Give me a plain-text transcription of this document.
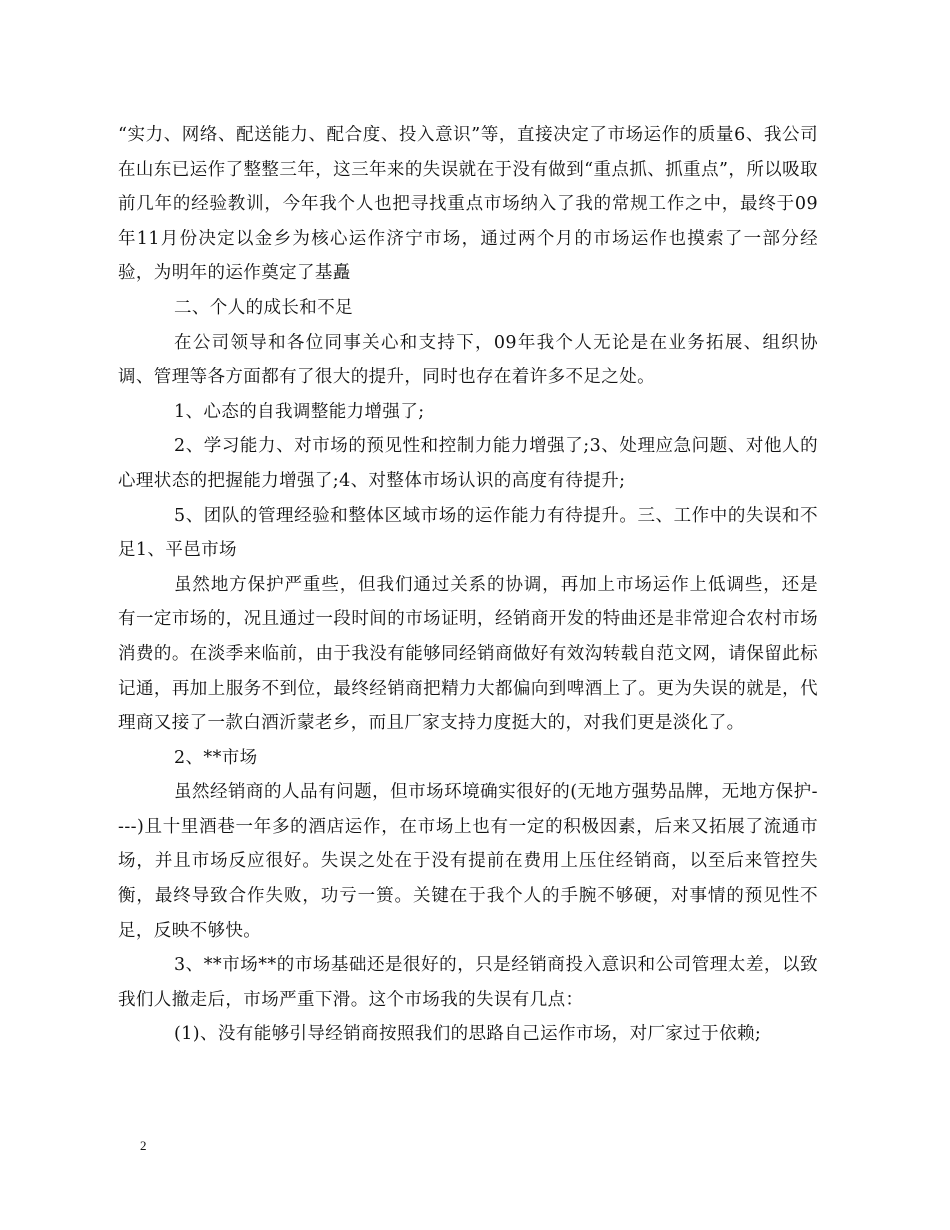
“实力、网络、配送能力、配合度、投入意识”等，直接决定了市场运作的质量6、我公司在山东已运作了整整三年，这三年来的失误就在于没有做到“重点抓、抓重点”，所以吸取前几年的经验教训，今年我个人也把寻找重点市场纳入了我的常规工作之中，最终于09年11月份决定以金乡为核心运作济宁市场，通过两个月的市场运作也摸索了一部分经验，为明年的运作奠定了基矗

二、个人的成长和不足

在公司领导和各位同事关心和支持下，09年我个人无论是在业务拓展、组织协调、管理等各方面都有了很大的提升，同时也存在着许多不足之处。

1、心态的自我调整能力增强了;

2、学习能力、对市场的预见性和控制力能力增强了;3、处理应急问题、对他人的心理状态的把握能力增强了;4、对整体市场认识的高度有待提升;

5、团队的管理经验和整体区域市场的运作能力有待提升。三、工作中的失误和不足1、平邑市场

虽然地方保护严重些，但我们通过关系的协调，再加上市场运作上低调些，还是有一定市场的，况且通过一段时间的市场证明，经销商开发的特曲还是非常迎合农村市场消费的。在淡季来临前，由于我没有能够同经销商做好有效沟转载自范文网，请保留此标记通，再加上服务不到位，最终经销商把精力大都偏向到啤酒上了。更为失误的就是，代理商又接了一款白酒沂蒙老乡，而且厂家支持力度挺大的，对我们更是淡化了。

2、**市场

虽然经销商的人品有问题，但市场环境确实很好的(无地方强势品牌，无地方保护----)且十里酒巷一年多的酒店运作，在市场上也有一定的积极因素，后来又拓展了流通市场，并且市场反应很好。失误之处在于没有提前在费用上压住经销商，以至后来管控失衡，最终导致合作失败，功亏一篑。关键在于我个人的手腕不够硬，对事情的预见性不足，反映不够快。

3、**市场**的市场基础还是很好的，只是经销商投入意识和公司管理太差，以致我们人撤走后，市场严重下滑。这个市场我的失误有几点：

(1)、没有能够引导经销商按照我们的思路自己运作市场，对厂家过于依赖;

2
